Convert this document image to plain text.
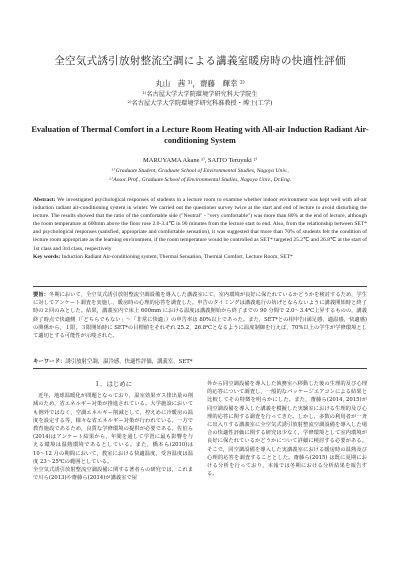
全空気式誘引放射整流空調による講義室暖房時の快適性評価
丸山　茜 ¹⁾，齋藤　輝幸 ²⁾
¹⁾名古屋大学大学院環境学研究科大学院生
²⁾名古屋大学大学院環境学研究科准教授・博士(工学)
Evaluation of Thermal Comfort in a Lecture Room Heating with All-air Induction Radiant Air-conditioning System
MARUYAMA Akane ¹⁾, SAITO Teruyuki ²⁾
¹⁾ Graduate Student, Graduate School of Environmental Studies, Nagoya Univ.,
²⁾ Assoc.Prof., Graduate School of Environmental Studies, Nagoya Univ., Dr.Eng.

Abstract: We investigated psychological responses of students in a lecture room to examine whether indoor environment was kept well with all-air induction radiant air-conditioning system in winter. We carried out the questioner survey twice at the start and end of lecture to avoid disturbing the lecture. The results showed that the ratio of the comfortable side ("Neutral" - "very comfortable") was more than 80% at the end of lecture, although the room temperature at 600mm above the floor rose 2.0-3.4℃ in 90 minutes from the lecture start to end. Also, from the relationship between SET* and psychological responses (satisfied, appropriate and comfortable sensation), it was suggested that more than 70% of students felt the condition of lecture room appropriate as the learning environment, if the room temperature would be controlled as SET* targeted 25.2℃ and 26.8℃ at the start of 1st class and 3rd class, respectively

Key words: Induction Radiant Air-conditioning system, Thermal Sensation, Thermal Comfort, Lecture Room, SET*

要旨：冬期において，全空気式誘引放射整流空調設備を導入した講義室にて，室内環境が良好に保たれているかどうかを検討するため，学生に対してアンケート調査を実施し，暖房時の心理的応答を調査した。申告のタイミングは講義進行の妨げとならないように講義開始時と終了時の２回のみとした。結果，講義室内で床上 600mm における温度は講義開始から終了までの 90 分間で 2.0〜3.4℃上昇するものの，講義終了時点で快適側（「どちらでもない」〜「非常に快適」）の申告率は 80%以上であった。また，SET*との相申告(満足感，適温感，快適感)の関係から，１限，３限開始時に SET*の目標値をそれぞれ 25.2，26.8℃となるように温度制御を行えば，70%以上の学生が学修環境として適切とする可能性が示唆された。
キーワード：誘引放射空調，温冷感，快適性評価，講義室，SET*
１．はじめに

近年，地球温暖化が問題となっており，温室効果ガス排出量の削減のため，省エネルギー対策が推進されている。大学施設においても例外ではなく，空調エネルギー削減として，控えめに冷暖房の温度を設定する等，様々な省エネルギー対策が行われている。一方で教育施設であるため，良質な学修環境の提供が必要である。佐伯ら(2014)はアンケート結果から，年間を通して学習に最も影響を与える環境は温熱環境であるとしている。また，橋本ら(2010)は 10〜12 月の期間において，教室における快適温度，受容温度は温度 23〜25℃の範囲としている。
全空気式誘引放射整流空調設備に関する著者らの研究では，これまで川ら(2013)や齋藤ら(2014)が講義室で屋

外から同空調設備を導入した執務室へ移動した後の生理的及び心理的応答について調査し，一般的なパッケージエアコンによる結果と比較してその特徴を明らかにした。また，齋藤ら(2014, 2015)が同空調設備を導入した講義を模擬した実験室における生理的及び心理的応答に関する調査を行ってきた。しかし，多数の利用者が一斉に出入りする講義室に全空気式誘引放射整流空調設備を導入した場合の快適性評価に関する研究は少なく，学修環境として室内環境が良好に保たれているかどうかについて詳細に検討する必要がある。そこで，同空調設備を導入した実講義室における暖房時の温熱及び心理的応答を調査することとした。齋藤ら(2015) は既に夏期における分析を行っており，本報では冬期における分析結果を報告する。
